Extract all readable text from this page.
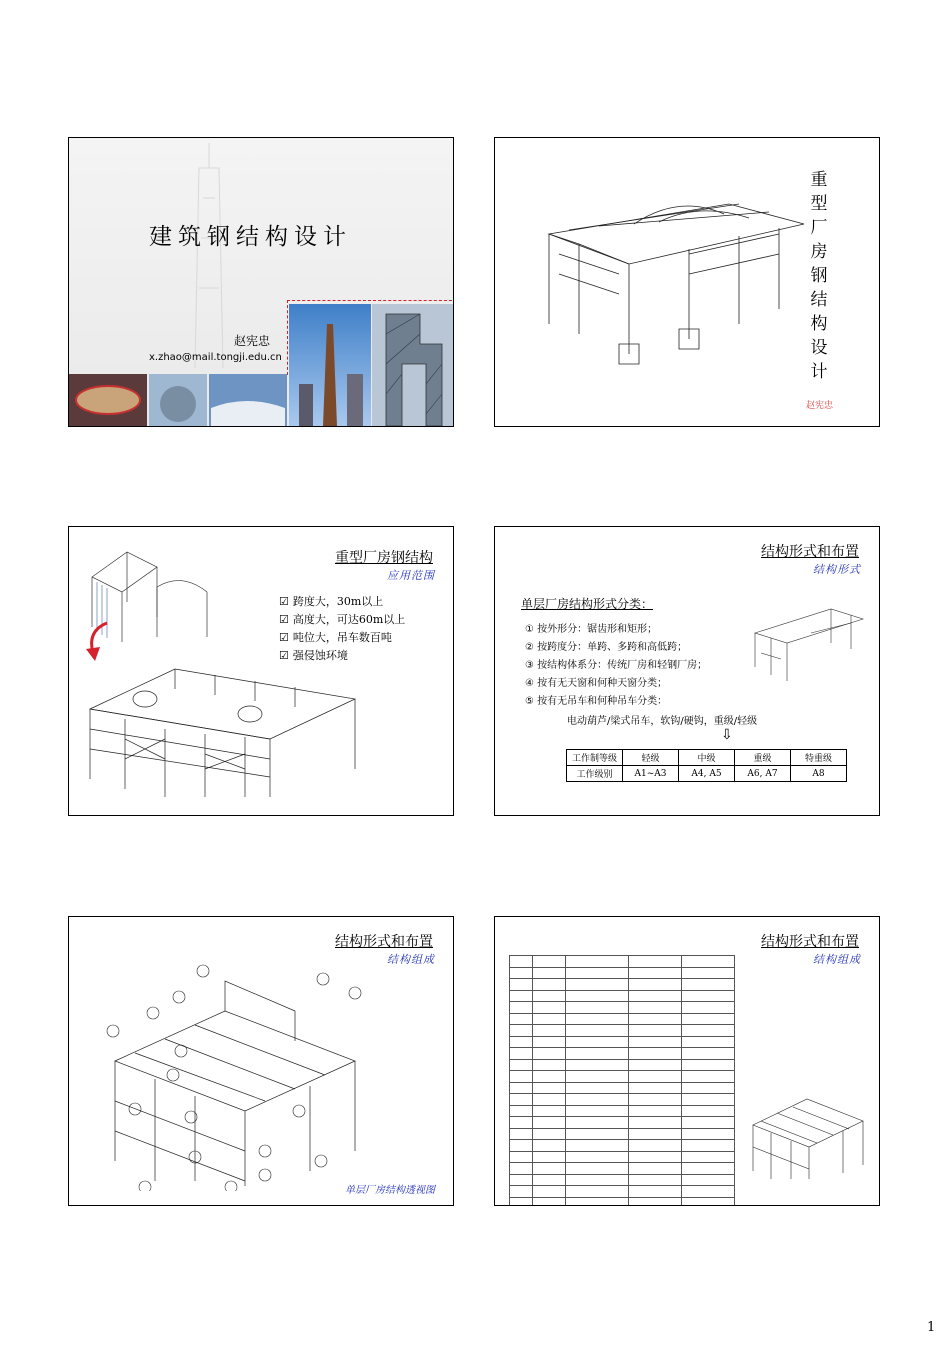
建筑钢结构设计
赵宪忠
x.zhao@mail.tongji.edu.cn
重
型
厂
房
钢
结
构
设
计
赵宪忠
重型厂房钢结构
应用范围
☑ 跨度大，30m以上
☑ 高度大，可达60m以上
☑ 吨位大，吊车数百吨
☑ 强侵蚀环境
结构形式和布置
结构形式
单层厂房结构形式分类：
① 按外形分：锯齿形和矩形；
② 按跨度分：单跨、多跨和高低跨；
③ 按结构体系分：传统厂房和轻钢厂房；
④ 按有无天窗和何种天窗分类；
⑤ 按有无吊车和何种吊车分类：
电动葫芦/梁式吊车，软钩/硬钩，重级/轻级
⇩
工作制等级	轻级	中级	重级	特重级
工作级别	A1~A3	A4, A5	A6, A7	A8
结构形式和布置
结构组成
单层厂房结构透视图
结构形式和布置
结构组成

1
